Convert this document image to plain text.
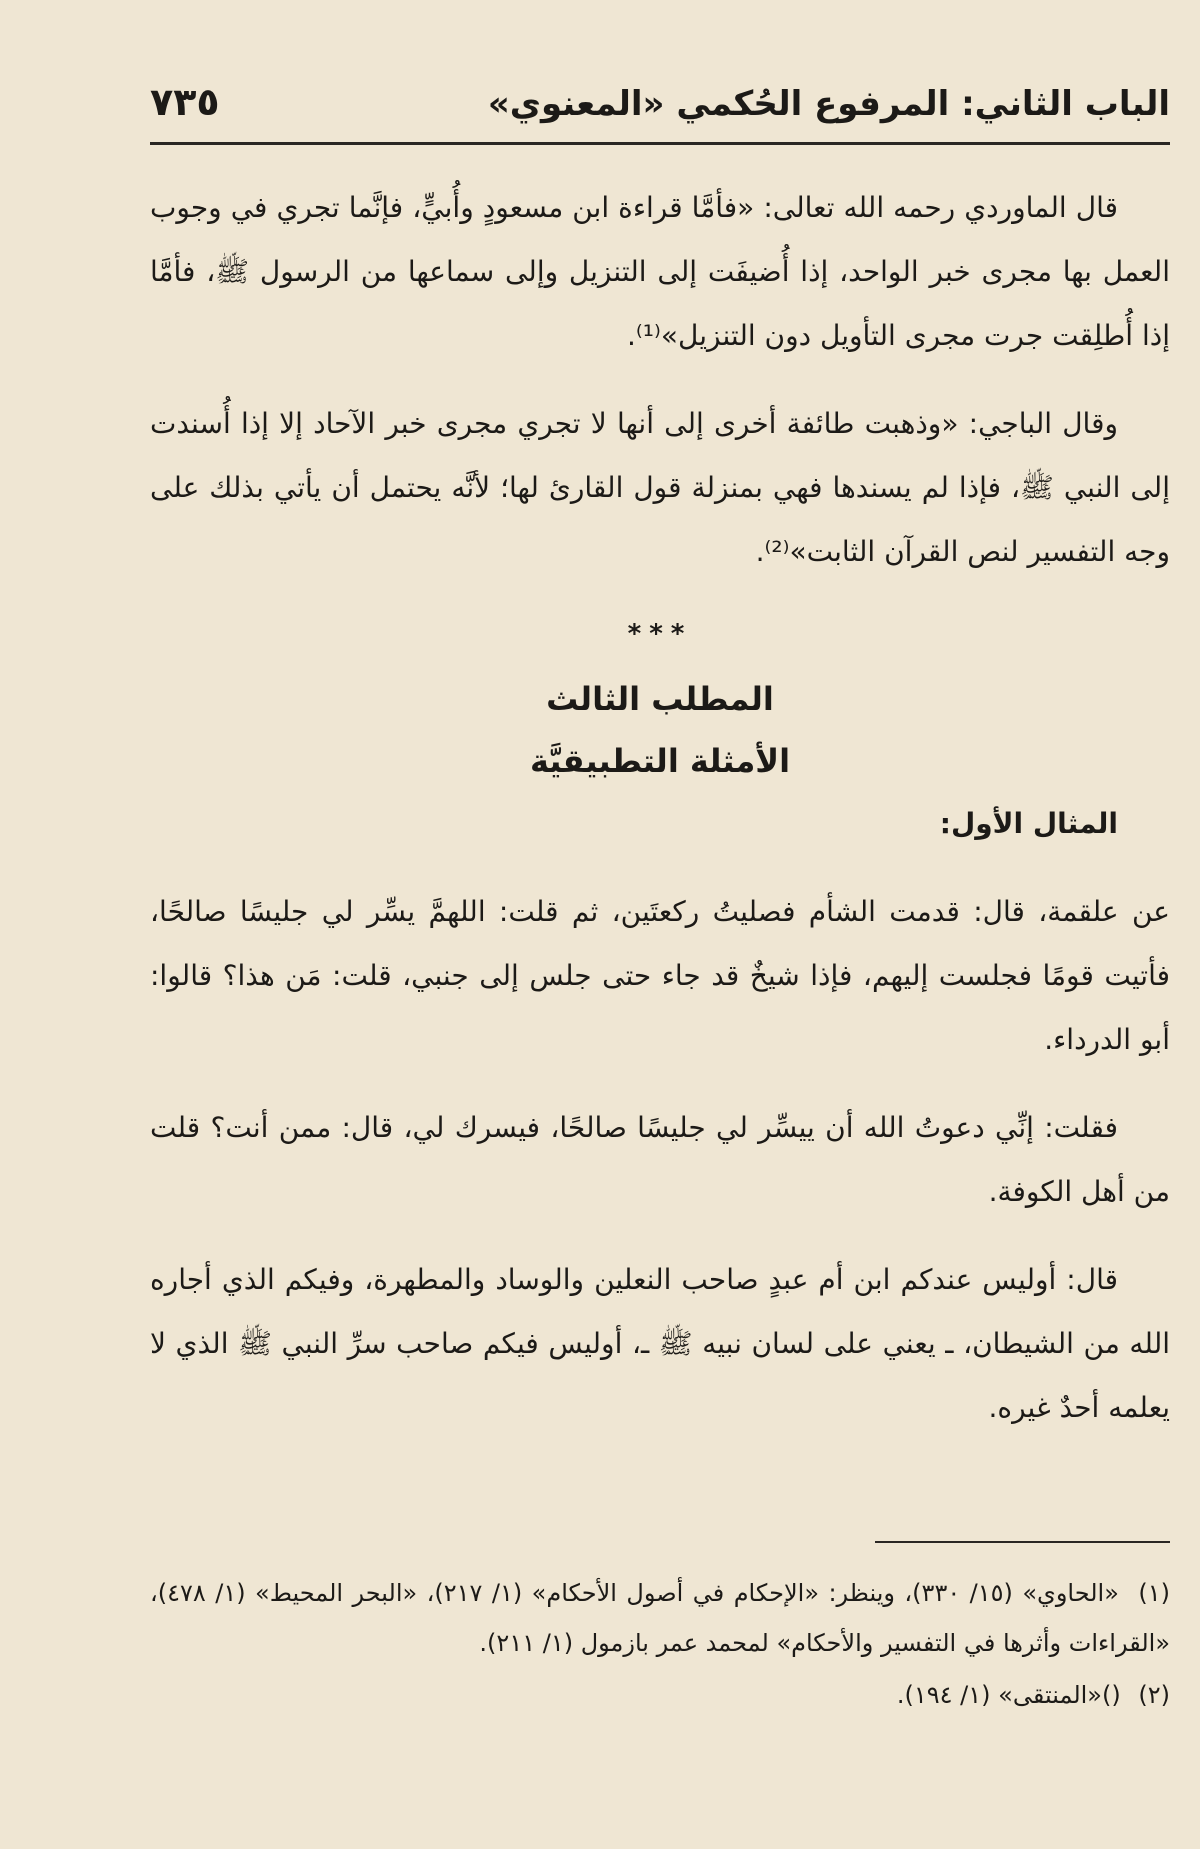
الباب الثاني: المرفوع الحُكمي «المعنوي»
٧٣٥

قال الماوردي رحمه الله تعالى: «فأمَّا قراءة ابن مسعودٍ وأُبيٍّ، فإنَّما تجري في وجوب العمل بها مجرى خبر الواحد، إذا أُضيفَت إلى التنزيل وإلى سماعها من الرسول ﷺ، فأمَّا إذا أُطلِقت جرت مجرى التأويل دون التنزيل»⁽¹⁾.

وقال الباجي: «وذهبت طائفة أخرى إلى أنها لا تجري مجرى خبر الآحاد إلا إذا أُسندت إلى النبي ﷺ، فإذا لم يسندها فهي بمنزلة قول القارئ لها؛ لأنَّه يحتمل أن يأتي بذلك على وجه التفسير لنص القرآن الثابت»⁽²⁾.

***
المطلب الثالث
الأمثلة التطبيقيَّة

المثال الأول:

عن علقمة، قال: قدمت الشأم فصليتُ ركعتَين، ثم قلت: اللهمَّ يسِّر لي جليسًا صالحًا، فأتيت قومًا فجلست إليهم، فإذا شيخٌ قد جاء حتى جلس إلى جنبي، قلت: مَن هذا؟ قالوا: أبو الدرداء.

فقلت: إنِّي دعوتُ الله أن ييسِّر لي جليسًا صالحًا، فيسرك لي، قال: ممن أنت؟ قلت من أهل الكوفة.

قال: أوليس عندكم ابن أم عبدٍ صاحب النعلين والوساد والمطهرة، وفيكم الذي أجاره الله من الشيطان، ـ يعني على لسان نبيه ﷺ ـ، أوليس فيكم صاحب سرِّ النبي ﷺ الذي لا يعلمه أحدٌ غيره.

(١) «الحاوي» (١٥/ ٣٣٠)، وينظر: «الإحكام في أصول الأحكام» (١/ ٢١٧)، «البحر المحيط» (١/ ٤٧٨)، «القراءات وأثرها في التفسير والأحكام» لمحمد عمر بازمول (١/ ٢١١).

(٢) ()«المنتقى» (١/ ١٩٤).
